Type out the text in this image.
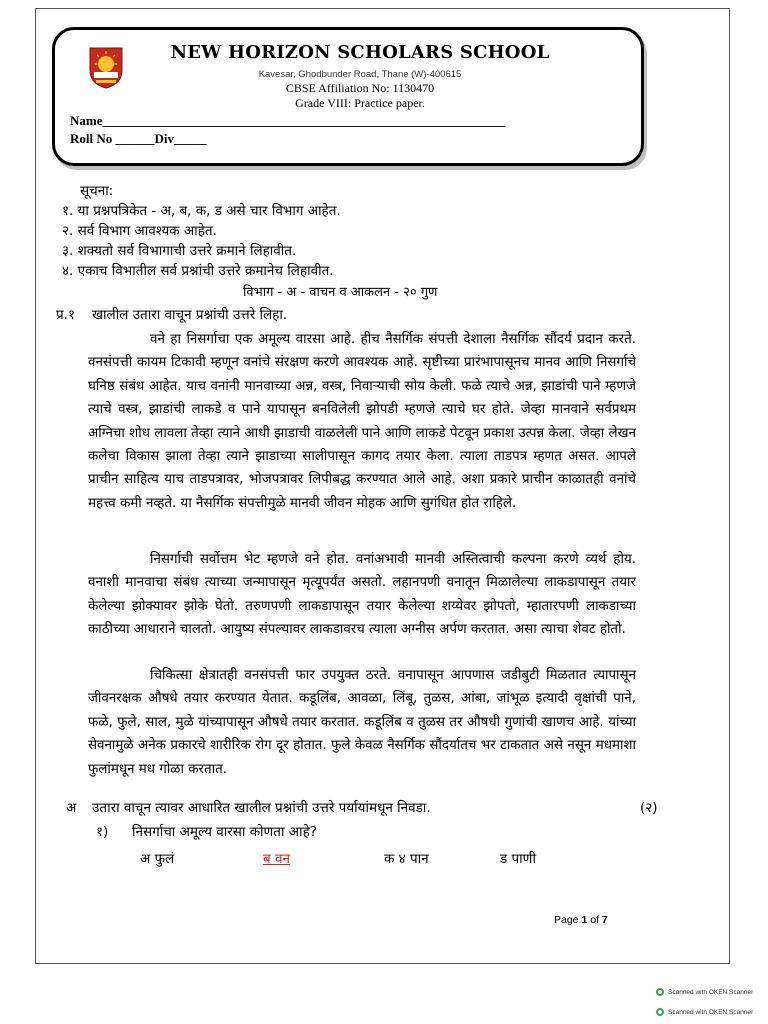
NEW HORIZON SCHOLARS SCHOOL
Kavesar, Ghodbunder Road, Thane (W)-400615
CBSE Affiliation No: 1130470
Grade VIII: Practice paper.
Name______________________________________________________________
Roll No ______Div_____
सूचना:
१. या प्रश्नपत्रिकेत - अ, ब, क, ड असे चार विभाग आहेत.
२. सर्व विभाग आवश्यक आहेत.
३. शक्यतो सर्व विभागाची उत्तरे क्रमाने लिहावीत.
४. एकाच विभातील सर्व प्रश्नांची उत्तरे क्रमानेच लिहावीत.
विभाग - अ - वाचन व आकलन - २० गुण
प्र.१ खालील उतारा वाचून प्रश्नांची उत्तरे लिहा.
वने हा निसर्गाचा एक अमूल्य वारसा आहे. हीच नैसर्गिक संपत्ती देशाला नैसर्गिक सौंदर्य प्रदान करते. वनसंपत्ती कायम टिकावी म्हणून वनांचे संरक्षण करणे आवश्यक आहे. सृष्टीच्या प्रारंभापासूनच मानव आणि निसर्गाचे घनिष्ठ संबंध आहेत. याच वनांनी मानवाच्या अन्न, वस्त्र, निवाऱ्याची सोय केली. फळे त्याचे अन्न, झाडांची पाने म्हणजे त्याचे वस्त्र, झाडांची लाकडे व पाने यापासून बनविलेली झोपडी म्हणजे त्याचे घर होते. जेव्हा मानवाने सर्वप्रथम अग्निचा शोध लावला तेव्हा त्याने आधी झाडाची वाळलेली पाने आणि लाकडे पेटवून प्रकाश उत्पन्न केला. जेव्हा लेखन कलेचा विकास झाला तेव्हा त्याने झाडाच्या सालीपासून कागद तयार केला. त्याला ताडपत्र म्हणत असत. आपले प्राचीन साहित्य याच ताडपत्रावर, भोजपत्रावर लिपीबद्ध करण्यात आले आहे. अशा प्रकारे प्राचीन काळातही वनांचे महत्त्व कमी नव्हते. या नैसर्गिक संपत्तीमुळे मानवी जीवन मोहक आणि सुगंधित होत राहिले.
निसर्गाची सर्वोत्तम भेट म्हणजे वने होत. वनांअभावी मानवी अस्तित्वाची कल्पना करणे व्यर्थ होय. वनाशी मानवाचा संबंध त्याच्या जन्मापासून मृत्यूपर्यंत असतो. लहानपणी वनातून मिळालेल्या लाकडापासून तयार केलेल्या झोक्यावर झोके घेतो. तरुणपणी लाकडापासून तयार केलेल्या शय्येवर झोपतो, म्हातारपणी लाकडाच्या काठीच्या आधाराने चालतो. आयुष्य संपल्यावर लाकडावरच त्याला अग्नीस अर्पण करतात. असा त्याचा शेवट होतो.
चिकित्सा क्षेत्रातही वनसंपत्ती फार उपयुक्त ठरते. वनापासून आपणास जडीबुटी मिळतात त्यापासून जीवनरक्षक औषधे तयार करण्यात येतात. कडूलिंब, आवळा, लिंबू, तुळस, आंबा, जांभूळ इत्यादी वृक्षांची पाने, फळे, फुले, साल, मुळे यांच्यापासून औषधे तयार करतात. कडूलिंब व तुळस तर औषधी गुणांची खाणच आहे. यांच्या सेवनामुळे अनेक प्रकारचे शारीरिक रोग दूर होतात. फुले केवळ नैसर्गिक सौंदर्यातच भर टाकतात असे नसून मधमाशा फुलांमधून मध गोळा करतात.
अ उतारा वाचून त्यावर आधारित खालील प्रश्नांची उत्तरे पर्यायांमधून निवडा.	(२)
१) निसर्गाचा अमूल्य वारसा कोणता आहे?
अ फुलं	ब वन	क ४ पान	ड पाणी
Page 1 of 7
Scanned with OKEN Scanner
Scanned with OKEN Scanner
